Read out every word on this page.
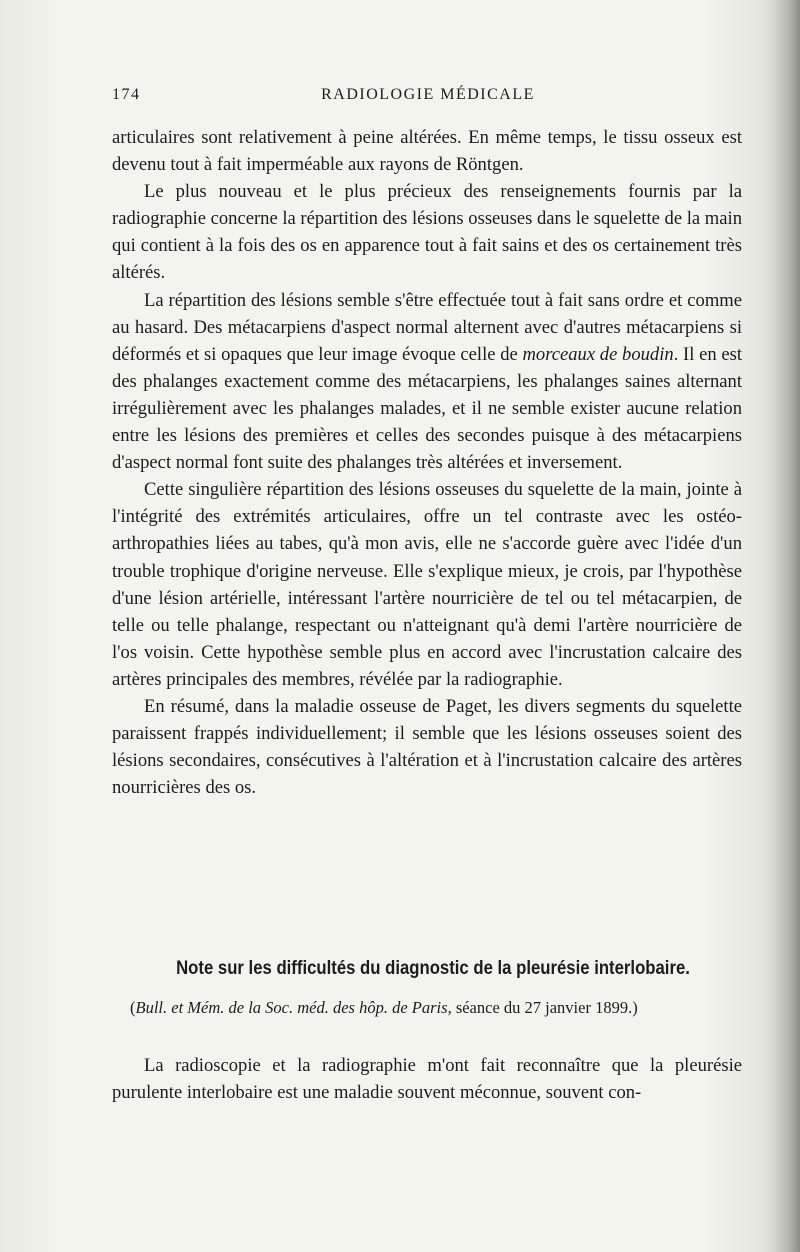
174	RADIOLOGIE MÉDICALE

articulaires sont relativement à peine altérées. En même temps, le tissu osseux est devenu tout à fait imperméable aux rayons de Röntgen.

Le plus nouveau et le plus précieux des renseignements fournis par la radiographie concerne la répartition des lésions osseuses dans le squelette de la main qui contient à la fois des os en apparence tout à fait sains et des os certainement très altérés.

La répartition des lésions semble s'être effectuée tout à fait sans ordre et comme au hasard. Des métacarpiens d'aspect normal alternent avec d'autres métacarpiens si déformés et si opaques que leur image évoque celle de morceaux de boudin. Il en est des phalanges exactement comme des métacarpiens, les phalanges saines alternant irrégulièrement avec les phalanges malades, et il ne semble exister aucune relation entre les lésions des premières et celles des secondes puisque à des métacarpiens d'aspect normal font suite des phalanges très altérées et inversement.

Cette singulière répartition des lésions osseuses du squelette de la main, jointe à l'intégrité des extrémités articulaires, offre un tel contraste avec les ostéo-arthropathies liées au tabes, qu'à mon avis, elle ne s'accorde guère avec l'idée d'un trouble trophique d'origine nerveuse. Elle s'explique mieux, je crois, par l'hypothèse d'une lésion artérielle, intéressant l'artère nourricière de tel ou tel métacarpien, de telle ou telle phalange, respectant ou n'atteignant qu'à demi l'artère nourricière de l'os voisin. Cette hypothèse semble plus en accord avec l'incrustation calcaire des artères principales des membres, révélée par la radiographie.

En résumé, dans la maladie osseuse de Paget, les divers segments du squelette paraissent frappés individuellement; il semble que les lésions osseuses soient des lésions secondaires, consécutives à l'altération et à l'incrustation calcaire des artères nourricières des os.

Note sur les difficultés du diagnostic de la pleurésie interlobaire.
(Bull. et Mém. de la Soc. méd. des hôp. de Paris, séance du 27 janvier 1899.)

La radioscopie et la radiographie m'ont fait reconnaître que la pleurésie purulente interlobaire est une maladie souvent méconnue, souvent con-
